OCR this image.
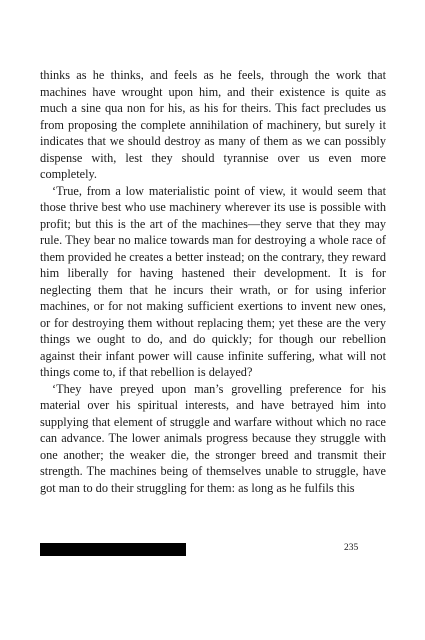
thinks as he thinks, and feels as he feels, through the work that machines have wrought upon him, and their existence is quite as much a sine qua non for his, as his for theirs. This fact precludes us from proposing the complete annihilation of machinery, but surely it indicates that we should destroy as many of them as we can possibly dispense with, lest they should tyrannise over us even more completely.

‘True, from a low materialistic point of view, it would seem that those thrive best who use machinery wherever its use is possible with profit; but this is the art of the machines—they serve that they may rule. They bear no malice towards man for destroying a whole race of them provided he creates a better instead; on the contrary, they reward him liberally for having hastened their development. It is for neglecting them that he incurs their wrath, or for using inferior machines, or for not making sufficient exertions to invent new ones, or for destroying them without replacing them; yet these are the very things we ought to do, and do quickly; for though our rebellion against their infant power will cause infinite suffering, what will not things come to, if that rebellion is delayed?

‘They have preyed upon man’s grovelling preference for his material over his spiritual interests, and have betrayed him into supplying that element of struggle and warfare without which no race can advance. The lower animals progress because they struggle with one another; the weaker die, the stronger breed and transmit their strength. The machines being of themselves unable to struggle, have got man to do their struggling for them: as long as he fulfils this

235
